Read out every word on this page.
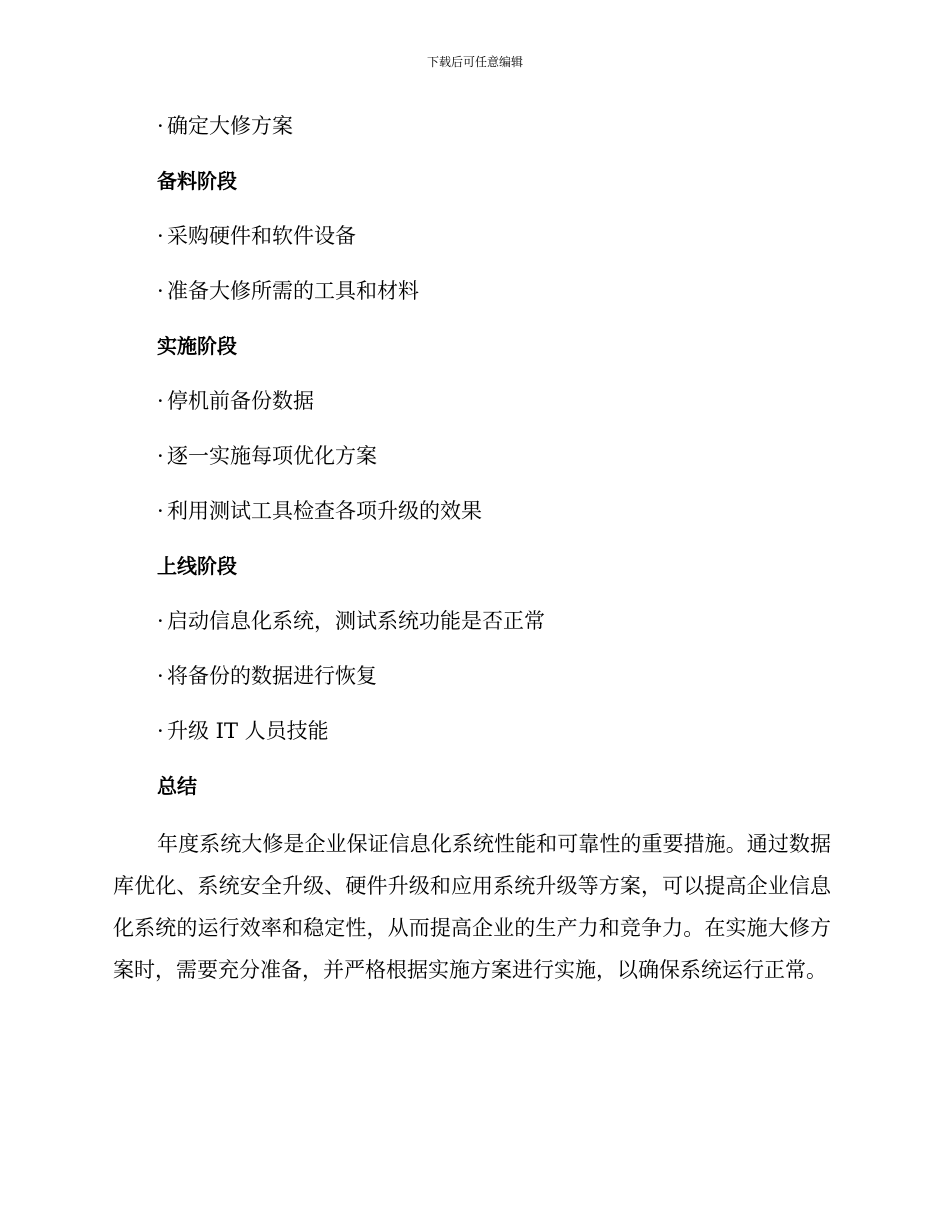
下载后可任意编辑
· 确定大修方案
备料阶段
· 采购硬件和软件设备
· 准备大修所需的工具和材料
实施阶段
· 停机前备份数据
· 逐一实施每项优化方案
· 利用测试工具检查各项升级的效果
上线阶段
· 启动信息化系统，测试系统功能是否正常
· 将备份的数据进行恢复
· 升级 IT 人员技能
总结

年度系统大修是企业保证信息化系统性能和可靠性的重要措施。通过数据库优化、系统安全升级、硬件升级和应用系统升级等方案，可以提高企业信息化系统的运行效率和稳定性，从而提高企业的生产力和竞争力。在实施大修方案时，需要充分准备，并严格根据实施方案进行实施，以确保系统运行正常。
